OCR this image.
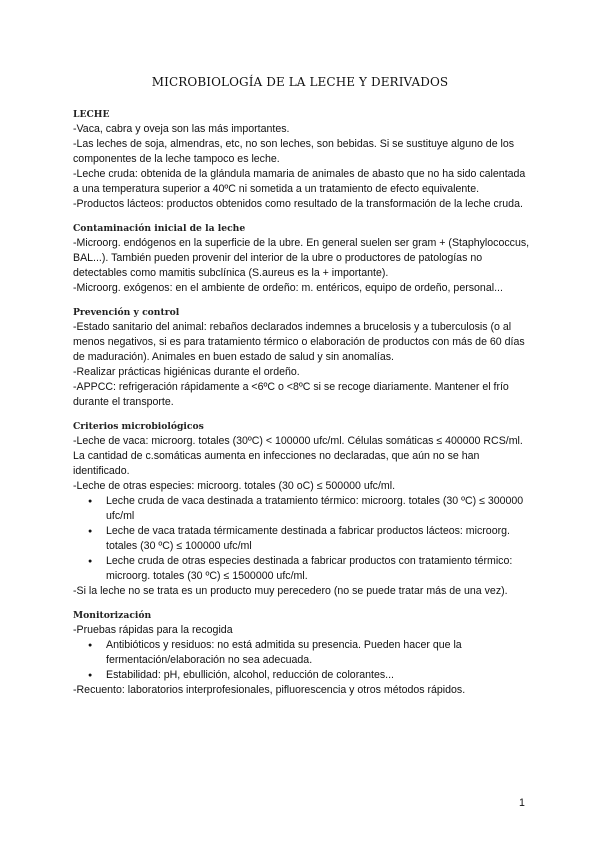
MICROBIOLOGÍA DE LA LECHE Y DERIVADOS
LECHE
-Vaca, cabra y oveja son las más importantes.
-Las leches de soja, almendras, etc, no son leches, son bebidas. Si se sustituye alguno de los componentes de la leche tampoco es leche.
-Leche cruda: obtenida de la glándula mamaria de animales de abasto que no ha sido calentada a una temperatura superior a 40ºC ni sometida a un tratamiento de efecto equivalente.
-Productos lácteos: productos obtenidos como resultado de la transformación de la leche cruda.
Contaminación inicial de la leche
-Microorg. endógenos en la superficie de la ubre. En general suelen ser gram + (Staphylococcus, BAL...). También pueden provenir del interior de la ubre o productores de patologías no detectables como mamitis subclínica (S.aureus es la + importante).
-Microorg. exógenos: en el ambiente de ordeño: m. entéricos, equipo de ordeño, personal...
Prevención y control
-Estado sanitario del animal: rebaños declarados indemnes a brucelosis y a tuberculosis (o al menos negativos, si es para tratamiento térmico o elaboración de productos con más de 60 días de maduración). Animales en buen estado de salud y sin anomalías.
-Realizar prácticas higiénicas durante el ordeño.
-APPCC: refrigeración rápidamente a <6ºC o <8ºC si se recoge diariamente. Mantener el frío durante el transporte.
Criterios microbiológicos
-Leche de vaca: microorg. totales (30ºC) < 100000 ufc/ml. Células somáticas ≤ 400000 RCS/ml. La cantidad de c.somáticas aumenta en infecciones no declaradas, que aún no se han identificado.
-Leche de otras especies: microorg. totales (30 oC) ≤ 500000 ufc/ml.
● Leche cruda de vaca destinada a tratamiento térmico: microorg. totales (30 ºC) ≤ 300000 ufc/ml
● Leche de vaca tratada térmicamente destinada a fabricar productos lácteos: microorg. totales (30 ºC) ≤ 100000 ufc/ml
● Leche cruda de otras especies destinada a fabricar productos con tratamiento térmico: microorg. totales (30 ºC) ≤ 1500000 ufc/ml.
-Si la leche no se trata es un producto muy perecedero (no se puede tratar más de una vez).
Monitorización
-Pruebas rápidas para la recogida
● Antibióticos y residuos: no está admitida su presencia. Pueden hacer que la fermentación/elaboración no sea adecuada.
● Estabilidad: pH, ebullición, alcohol, reducción de colorantes...
-Recuento: laboratorios interprofesionales, pifluorescencia y otros métodos rápidos.
1
